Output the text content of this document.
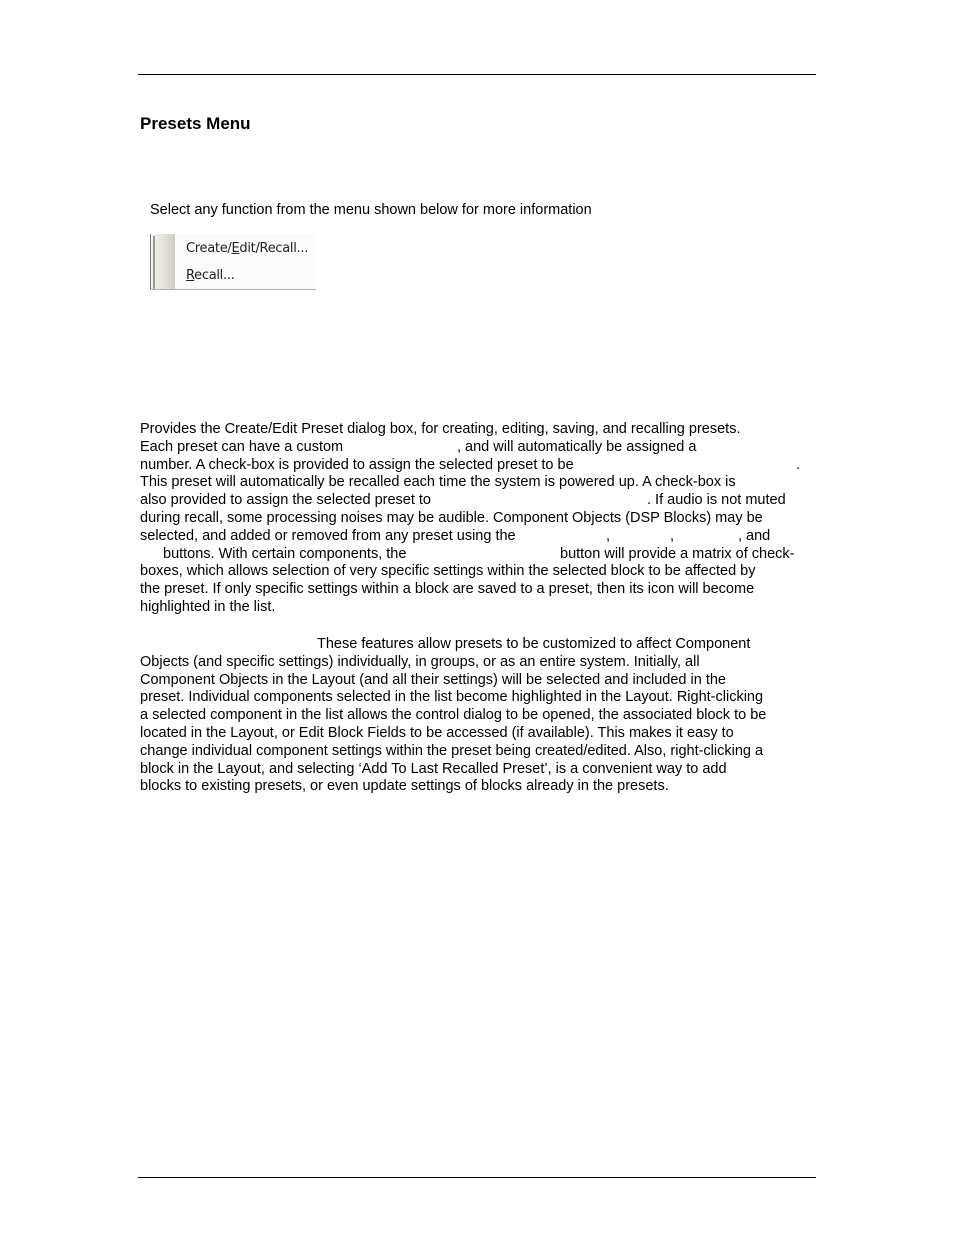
Presets Menu
Select any function from the menu shown below for more information
Create/Edit/Recall...
Recall...
Provides the Create/Edit Preset dialog box, for creating, editing, saving, and recalling presets.
Each preset can have a custom	, and will automatically be assigned a
number. A check-box is provided to assign the selected preset to be	.
This preset will automatically be recalled each time the system is powered up. A check-box is
also provided to assign the selected preset to	. If audio is not muted
during recall, some processing noises may be audible. Component Objects (DSP Blocks) may be
selected, and added or removed from any preset using the	,	,	, and
buttons. With certain components, the	button will provide a matrix of check-
boxes, which allows selection of very specific settings within the selected block to be affected by
the preset. If only specific settings within a block are saved to a preset, then its icon will become
highlighted in the list.
These features allow presets to be customized to affect Component
Objects (and specific settings) individually, in groups, or as an entire system. Initially, all
Component Objects in the Layout (and all their settings) will be selected and included in the
preset. Individual components selected in the list become highlighted in the Layout. Right-clicking
a selected component in the list allows the control dialog to be opened, the associated block to be
located in the Layout, or Edit Block Fields to be accessed (if available). This makes it easy to
change individual component settings within the preset being created/edited. Also, right-clicking a
block in the Layout, and selecting ‘Add To Last Recalled Preset’, is a convenient way to add
blocks to existing presets, or even update settings of blocks already in the presets.
